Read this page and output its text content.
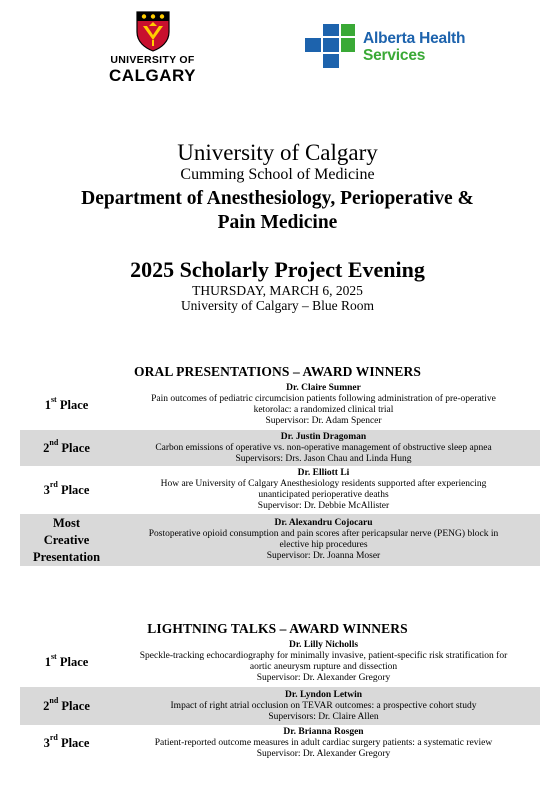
UNIVERSITY OF
CALGARY
Alberta Health
Services

University of Calgary

Cumming School of Medicine

Department of Anesthesiology, Perioperative &
Pain Medicine

2025 Scholarly Project Evening

THURSDAY, MARCH 6, 2025

University of Calgary – Blue Room

ORAL PRESENTATIONS – AWARD WINNERS
1st Place	Dr. Claire Sumner
Pain outcomes of pediatric circumcision patients following administration of pre-operative
ketorolac: a randomized clinical trial
Supervisor: Dr. Adam Spencer

2nd Place	Dr. Justin Dragoman
Carbon emissions of operative vs. non-operative management of obstructive sleep apnea
Supervisors: Drs. Jason Chau and Linda Hung

3rd Place	Dr. Elliott Li
How are University of Calgary Anesthesiology residents supported after experiencing
unanticipated perioperative deaths
Supervisor: Dr. Debbie McAllister

Most
Creative
Presentation	Dr. Alexandru Cojocaru
Postoperative opioid consumption and pain scores after pericapsular nerve (PENG) block in
elective hip procedures
Supervisor: Dr. Joanna Moser
LIGHTNING TALKS – AWARD WINNERS
1st Place	Dr. Lilly Nicholls
Speckle-tracking echocardiography for minimally invasive, patient-specific risk stratification for
aortic aneurysm rupture and dissection
Supervisor: Dr. Alexander Gregory

2nd Place	Dr. Lyndon Letwin
Impact of right atrial occlusion on TEVAR outcomes: a prospective cohort study
Supervisors: Dr. Claire Allen

3rd Place	Dr. Brianna Rosgen
Patient-reported outcome measures in adult cardiac surgery patients: a systematic review
Supervisor: Dr. Alexander Gregory
